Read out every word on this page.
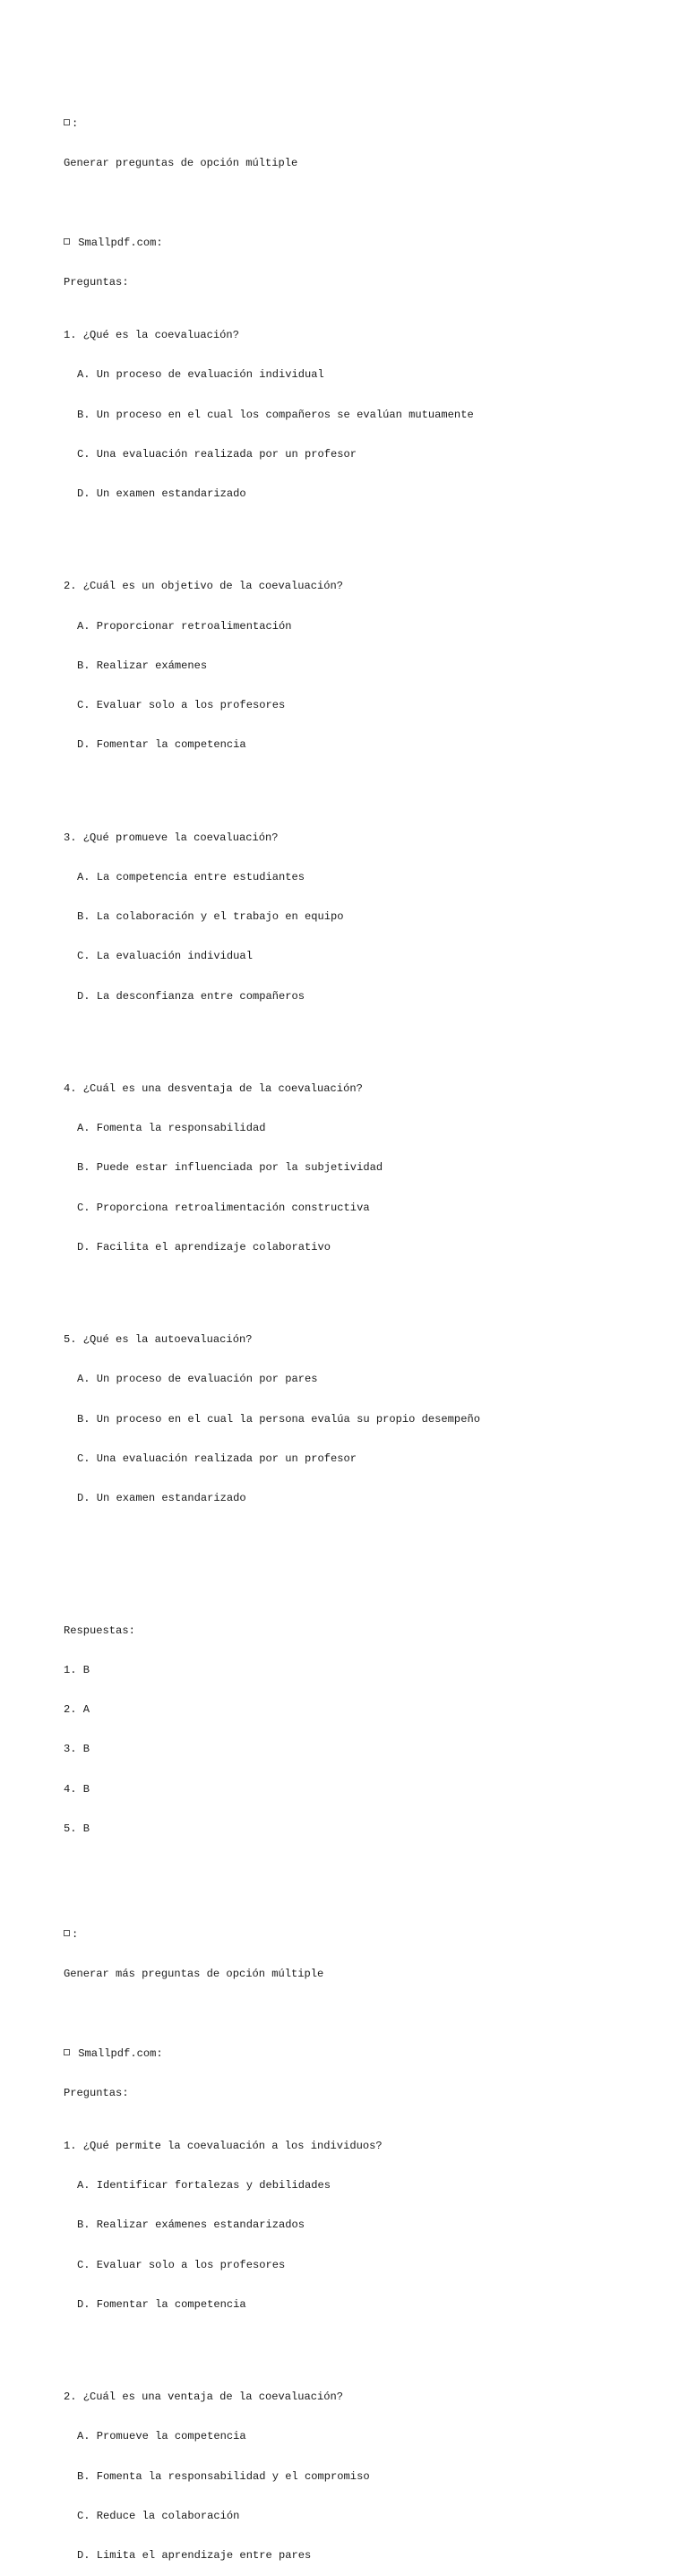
:

Generar preguntas de opción múltiple

Smallpdf.com:

Preguntas:

1. ¿Qué es la coevaluación?

A. Un proceso de evaluación individual

B. Un proceso en el cual los compañeros se evalúan mutuamente

C. Una evaluación realizada por un profesor

D. Un examen estandarizado

2. ¿Cuál es un objetivo de la coevaluación?

A. Proporcionar retroalimentación

B. Realizar exámenes

C. Evaluar solo a los profesores

D. Fomentar la competencia

3. ¿Qué promueve la coevaluación?

A. La competencia entre estudiantes

B. La colaboración y el trabajo en equipo

C. La evaluación individual

D. La desconfianza entre compañeros

4. ¿Cuál es una desventaja de la coevaluación?

A. Fomenta la responsabilidad

B. Puede estar influenciada por la subjetividad

C. Proporciona retroalimentación constructiva

D. Facilita el aprendizaje colaborativo

5. ¿Qué es la autoevaluación?

A. Un proceso de evaluación por pares

B. Un proceso en el cual la persona evalúa su propio desempeño

C. Una evaluación realizada por un profesor

D. Un examen estandarizado

Respuestas:

1. B

2. A

3. B

4. B

5. B

:

Generar más preguntas de opción múltiple

Smallpdf.com:

Preguntas:

1. ¿Qué permite la coevaluación a los individuos?

A. Identificar fortalezas y debilidades

B. Realizar exámenes estandarizados

C. Evaluar solo a los profesores

D. Fomentar la competencia

2. ¿Cuál es una ventaja de la coevaluación?

A. Promueve la competencia

B. Fomenta la responsabilidad y el compromiso

C. Reduce la colaboración

D. Limita el aprendizaje entre pares
